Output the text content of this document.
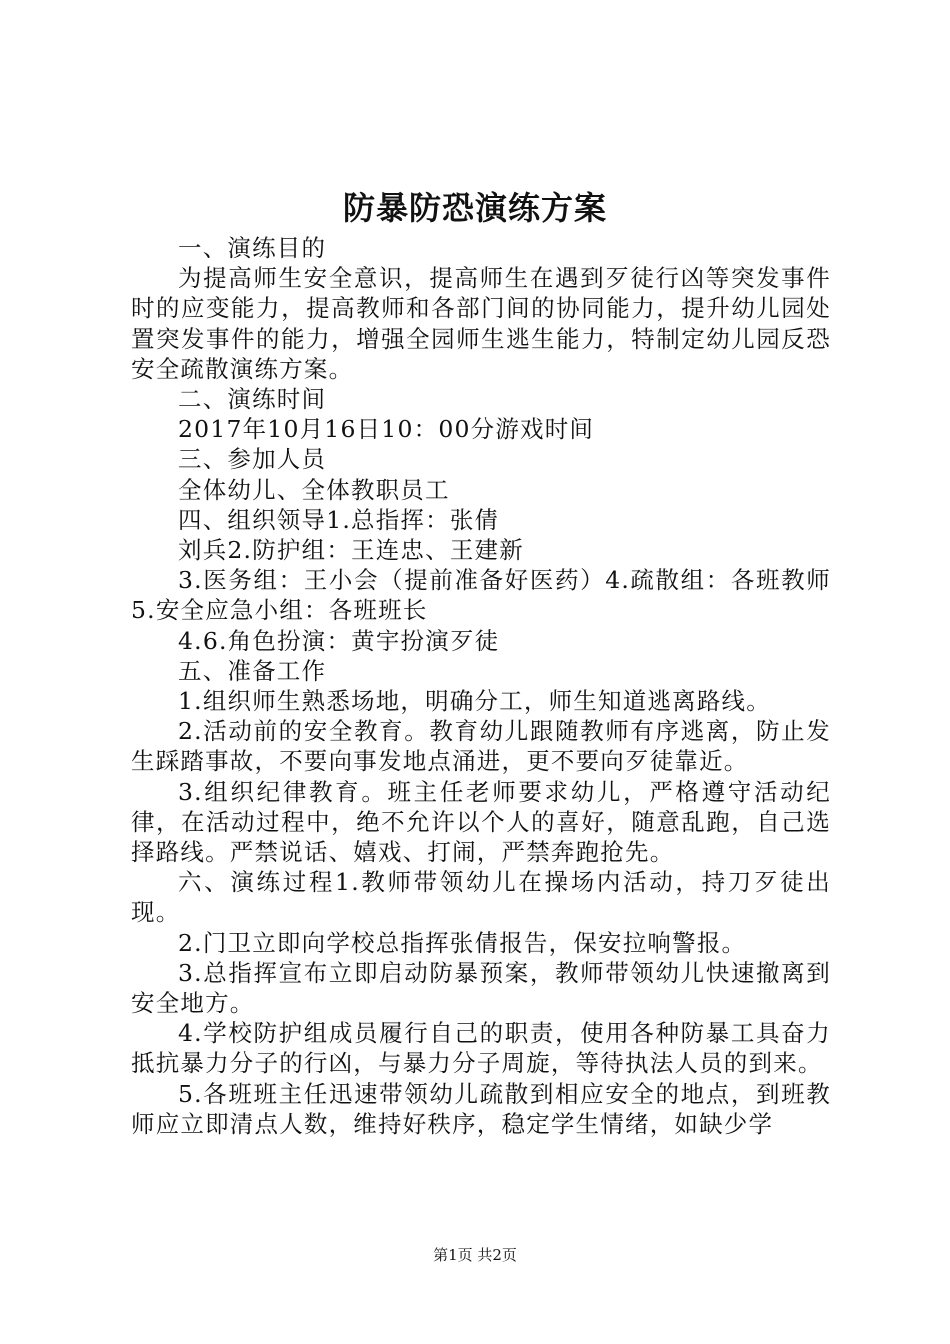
防暴防恐演练方案

一、演练目的

为提高师生安全意识，提高师生在遇到歹徒行凶等突发事件时的应变能力，提高教师和各部门间的协同能力，提升幼儿园处置突发事件的能力，增强全园师生逃生能力，特制定幼儿园反恐安全疏散演练方案。

二、演练时间

2017年10月16日10：00分游戏时间

三、参加人员

全体幼儿、全体教职员工

四、组织领导1.总指挥：张倩

刘兵2.防护组：王连忠、王建新

3.医务组：王小会（提前准备好医药）4.疏散组：各班教师5.安全应急小组：各班班长

4.6.角色扮演：黄宇扮演歹徒

五、准备工作

1.组织师生熟悉场地，明确分工，师生知道逃离路线。

2.活动前的安全教育。教育幼儿跟随教师有序逃离，防止发生踩踏事故，不要向事发地点涌进，更不要向歹徒靠近。

3.组织纪律教育。班主任老师要求幼儿，严格遵守活动纪律，在活动过程中，绝不允许以个人的喜好，随意乱跑，自己选择路线。严禁说话、嬉戏、打闹，严禁奔跑抢先。

六、演练过程1.教师带领幼儿在操场内活动，持刀歹徒出现。

2.门卫立即向学校总指挥张倩报告，保安拉响警报。

3.总指挥宣布立即启动防暴预案，教师带领幼儿快速撤离到安全地方。

4.学校防护组成员履行自己的职责，使用各种防暴工具奋力抵抗暴力分子的行凶，与暴力分子周旋，等待执法人员的到来。

5.各班班主任迅速带领幼儿疏散到相应安全的地点，到班教师应立即清点人数，维持好秩序，稳定学生情绪，如缺少学

第1页 共2页
